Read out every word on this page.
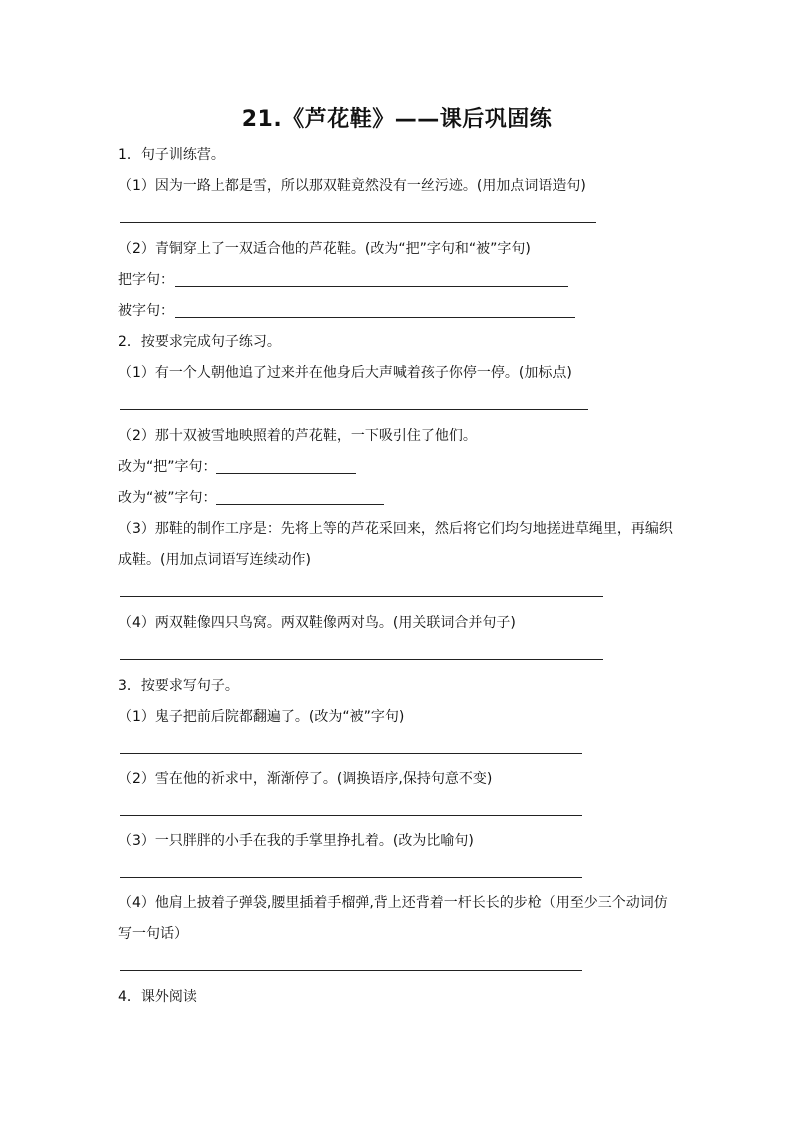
21.《芦花鞋》——课后巩固练
1．句子训练营。
（1）因为一路上都是雪，所以那双鞋竟然没有一丝污迹。(用加点词语造句)
（2）青铜穿上了一双适合他的芦花鞋。(改为“把”字句和“被”字句)
把字句：
被字句：
2．按要求完成句子练习。
（1）有一个人朝他追了过来并在他身后大声喊着孩子你停一停。(加标点)
（2）那十双被雪地映照着的芦花鞋，一下吸引住了他们。
改为“把”字句：
改为“被”字句：
（3）那鞋的制作工序是：先将上等的芦花采回来，然后将它们均匀地搓进草绳里，再编织
成鞋。(用加点词语写连续动作)
（4）两双鞋像四只鸟窝。两双鞋像两对鸟。(用关联词合并句子)
3．按要求写句子。
（1）鬼子把前后院都翻遍了。(改为“被”字句)
（2）雪在他的祈求中，渐渐停了。(调换语序,保持句意不变)
（3）一只胖胖的小手在我的手掌里挣扎着。(改为比喻句)
（4）他肩上披着子弹袋,腰里插着手榴弹,背上还背着一杆长长的步枪（用至少三个动词仿
写一句话）
4．课外阅读
